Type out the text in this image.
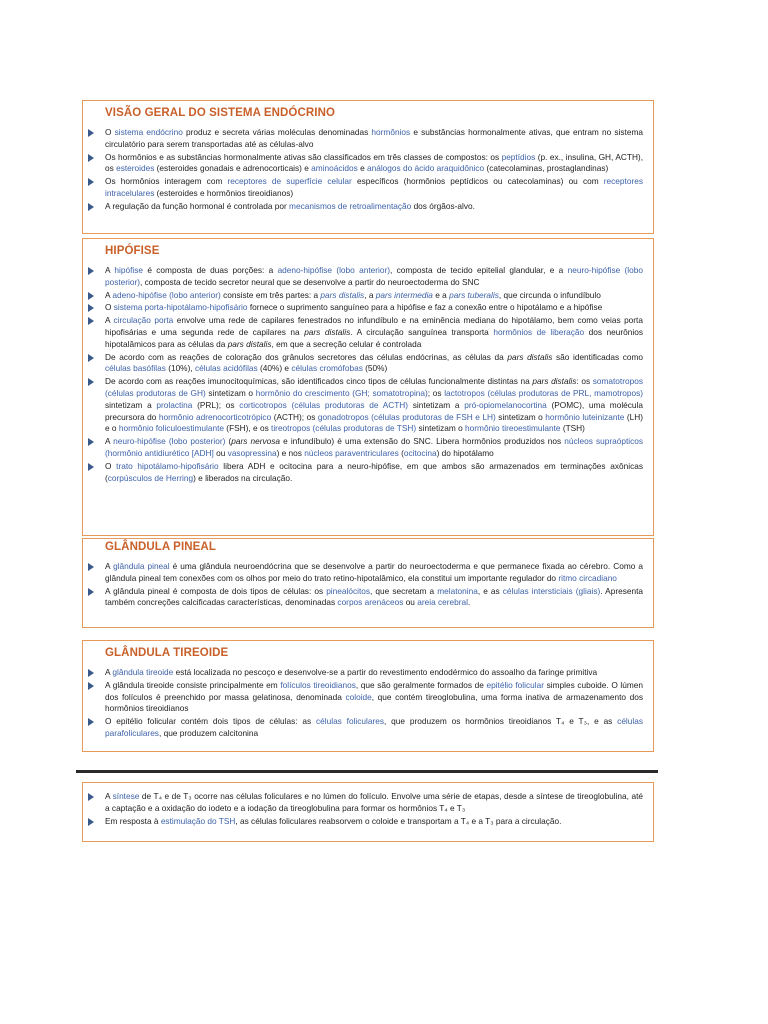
VISÃO GERAL DO SISTEMA ENDÓCRINO
O sistema endócrino produz e secreta várias moléculas denominadas hormônios e substâncias hormonalmente ativas, que entram no sistema circulatório para serem transportadas até as células-alvo
Os hormônios e as substâncias hormonalmente ativas são classificados em três classes de compostos: os peptídios (p. ex., insulina, GH, ACTH), os esteroides (esteroides gonadais e adrenocorticais) e aminoácidos e análogos do ácido araquidônico (catecolaminas, prostaglandinas)
Os hormônios interagem com receptores de superfície celular específicos (hormônios peptídicos ou catecolaminas) ou com receptores intracelulares (esteroides e hormônios tireoidianos)
A regulação da função hormonal é controlada por mecanismos de retroalimentação dos órgãos-alvo.
HIPÓFISE
A hipófise é composta de duas porções: a adeno-hipófise (lobo anterior), composta de tecido epitelial glandular, e a neuro-hipófise (lobo posterior), composta de tecido secretor neural que se desenvolve a partir do neuroectoderma do SNC
A adeno-hipófise (lobo anterior) consiste em três partes: a pars distalis, a pars intermedia e a pars tuberalis, que circunda o infundíbulo
O sistema porta-hipotálamo-hipofisário fornece o suprimento sanguíneo para a hipófise e faz a conexão entre o hipotálamo e a hipófise
A circulação porta envolve uma rede de capilares fenestrados no infundíbulo e na eminência mediana do hipotálamo, bem como veias porta hipofisárias e uma segunda rede de capilares na pars distalis. A circulação sanguínea transporta hormônios de liberação dos neurônios hipotalâmicos para as células da pars distalis, em que a secreção celular é controlada
De acordo com as reações de coloração dos grânulos secretores das células endócrinas, as células da pars distalis são identificadas como células basófilas (10%), células acidófilas (40%) e células cromófobas (50%)
De acordo com as reações imunocitoquímicas, são identificados cinco tipos de células funcionalmente distintas na pars distalis: os somatotropos (células produtoras de GH) sintetizam o hormônio do crescimento (GH; somatotropina); os lactotropos (células produtoras de PRL, mamotropos) sintetizam a prolactina (PRL); os corticotropos (células produtoras de ACTH) sintetizam a pró-opiomelanocortina (POMC), uma molécula precursora do hormônio adrenocorticotrópico (ACTH); os gonadotropos (células produtoras de FSH e LH) sintetizam o hormônio luteinizante (LH) e o hormônio foliculoestimulante (FSH), e os tireotropos (células produtoras de TSH) sintetizam o hormônio tireoestimulante (TSH)
A neuro-hipófise (lobo posterior) (pars nervosa e infundíbulo) é uma extensão do SNC. Libera hormônios produzidos nos núcleos supraópticos (hormônio antidiurético [ADH] ou vasopressina) e nos núcleos paraventriculares (ocitocina) do hipotálamo
O trato hipotálamo-hipofisário libera ADH e ocitocina para a neuro-hipófise, em que ambos são armazenados em terminações axônicas (corpúsculos de Herring) e liberados na circulação.
GLÂNDULA PINEAL
A glândula pineal é uma glândula neuroendócrina que se desenvolve a partir do neuroectoderma e que permanece fixada ao cérebro. Como a glândula pineal tem conexões com os olhos por meio do trato retino-hipotalâmico, ela constitui um importante regulador do ritmo circadiano
A glândula pineal é composta de dois tipos de células: os pinealócitos, que secretam a melatonina, e as células intersticiais (gliais). Apresenta também concreções calcificadas características, denominadas corpos arenáceos ou areia cerebral.
GLÂNDULA TIREOIDE
A glândula tireoide está localizada no pescoço e desenvolve-se a partir do revestimento endodérmico do assoalho da faringe primitiva
A glândula tireoide consiste principalmente em folículos tireoidianos, que são geralmente formados de epitélio folicular simples cuboide. O lúmen dos folículos é preenchido por massa gelatinosa, denominada coloide, que contém tireoglobulina, uma forma inativa de armazenamento dos hormônios tireoidianos
O epitélio folicular contém dois tipos de células: as células foliculares, que produzem os hormônios tireoidianos T₄ e T₃, e as células parafoliculares, que produzem calcitonina
A síntese de T₄ e de T₃ ocorre nas células foliculares e no lúmen do folículo. Envolve uma série de etapas, desde a síntese de tireoglobulina, até a captação e a oxidação do iodeto e a iodação da tireoglobulina para formar os hormônios T₄ e T₃
Em resposta à estimulação do TSH, as células foliculares reabsorvem o coloide e transportam a T₄ e a T₃ para a circulação.
